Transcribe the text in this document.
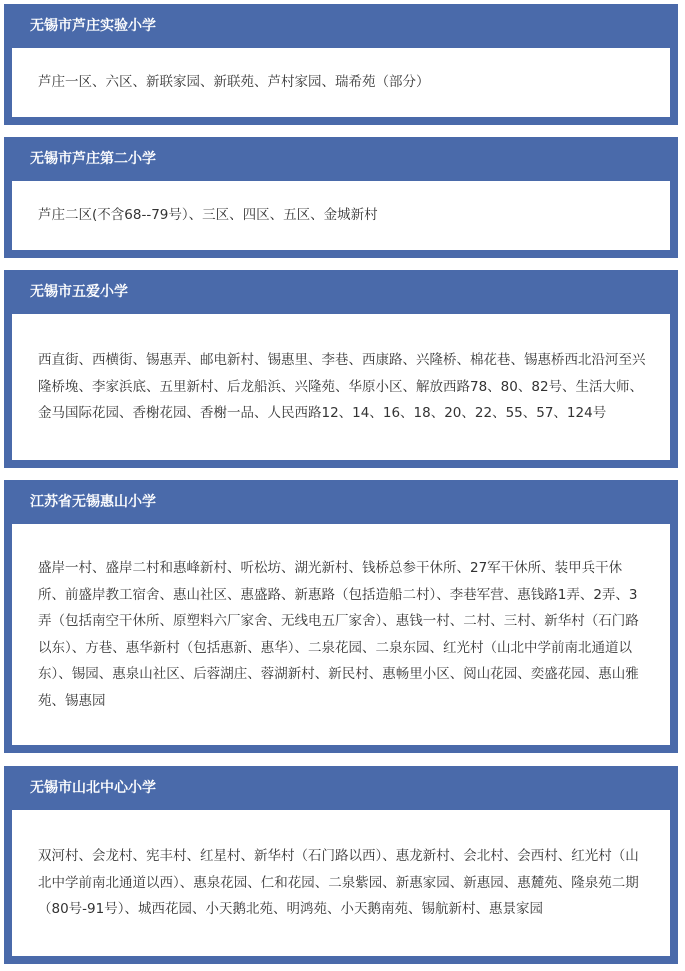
无锡市芦庄实验小学
芦庄一区、六区、新联家园、新联苑、芦村家园、瑞希苑（部分）
无锡市芦庄第二小学
芦庄二区(不含68--79号）、三区、四区、五区、金城新村
无锡市五爱小学
西直街、西横街、锡惠弄、邮电新村、锡惠里、李巷、西康路、兴隆桥、棉花巷、锡惠桥西北沿河至兴隆桥堍、李家浜底、五里新村、后龙船浜、兴隆苑、华原小区、解放西路78、80、82号、生活大师、金马国际花园、香榭花园、香榭一品、人民西路12、14、16、18、20、22、55、57、124号
江苏省无锡惠山小学
盛岸一村、盛岸二村和惠峰新村、听松坊、湖光新村、钱桥总参干休所、27军干休所、装甲兵干休所、前盛岸教工宿舍、惠山社区、惠盛路、新惠路（包括造船二村）、李巷军营、惠钱路1弄、2弄、3弄（包括南空干休所、原塑料六厂家舍、无线电五厂家舍）、惠钱一村、二村、三村、新华村（石门路以东）、方巷、惠华新村（包括惠新、惠华）、二泉花园、二泉东园、红光村（山北中学前南北通道以东）、锡园、惠泉山社区、后蓉湖庄、蓉湖新村、新民村、惠畅里小区、阅山花园、奕盛花园、惠山雅苑、锡惠园
无锡市山北中心小学
双河村、会龙村、宪丰村、红星村、新华村（石门路以西）、惠龙新村、会北村、会西村、红光村（山北中学前南北通道以西）、惠泉花园、仁和花园、二泉紫园、新惠家园、新惠园、惠麓苑、隆泉苑二期（80号-91号）、城西花园、小天鹅北苑、明鸿苑、小天鹅南苑、锡航新村、惠景家园
